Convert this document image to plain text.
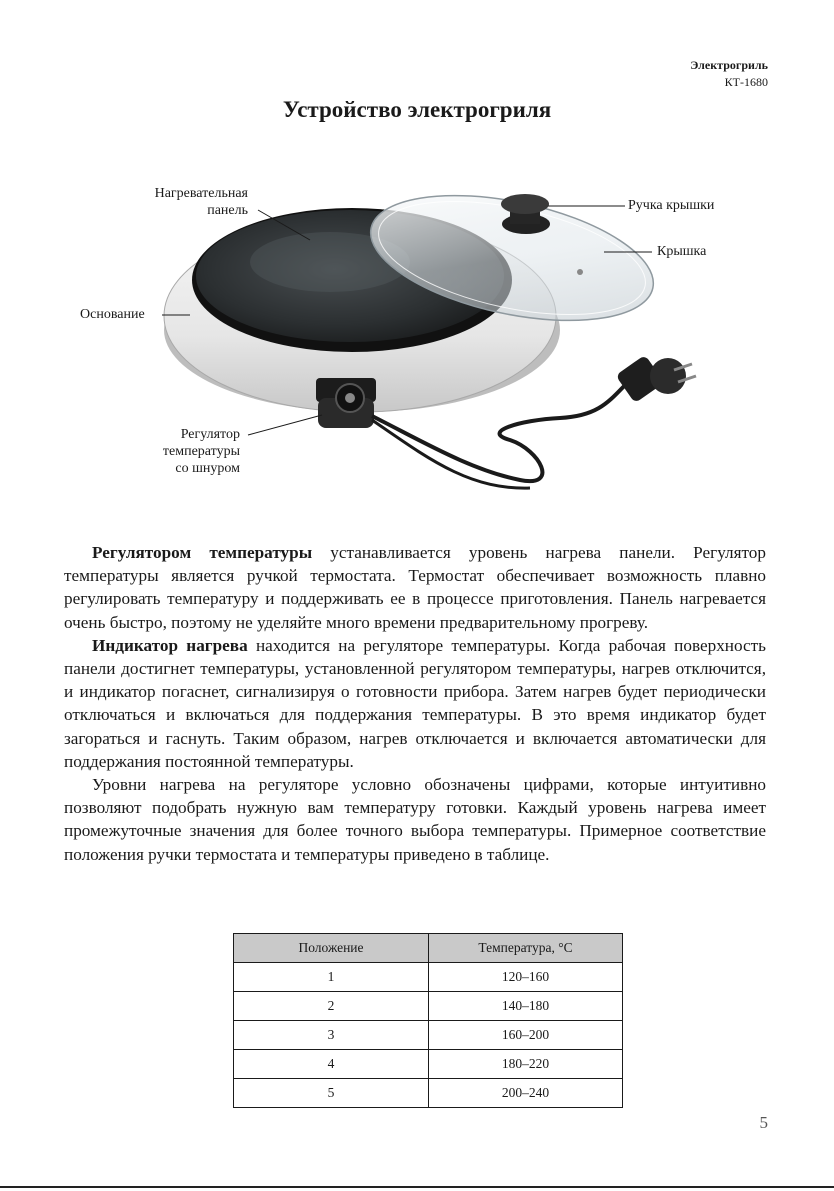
Электрогриль
КТ-1680
Устройство электрогриля
Нагревательная
панель	Ручка крышки
Крышка
Основание
Регулятор
температуры
со шнуром

Регулятором температуры устанавливается уровень нагрева панели. Регулятор температуры является ручкой термостата. Термостат обеспечивает возможность плавно регулировать температуру и поддерживать ее в процессе приготовления. Панель нагревается очень быстро, поэтому не уделяйте много времени предварительному прогреву.

Индикатор нагрева находится на регуляторе температуры. Когда рабочая поверхность панели достигнет температуры, установленной регулятором температуры, нагрев отключится, и индикатор погаснет, сигнализируя о готовности прибора. Затем нагрев будет периодически отключаться и включаться для поддержания температуры. В это время индикатор будет загораться и гаснуть. Таким образом, нагрев отключается и включается автоматически для поддержания постоянной температуры.

Уровни нагрева на регуляторе условно обозначены цифрами, которые интуитивно позволяют подобрать нужную вам температуру готовки. Каждый уровень нагрева имеет промежуточные значения для более точного выбора температуры. Примерное соответствие положения ручки термостата и температуры приведено в таблице.

Положение	Температура, °С
1	120–160
2	140–180
3	160–200
4	180–220
5	200–240
5
